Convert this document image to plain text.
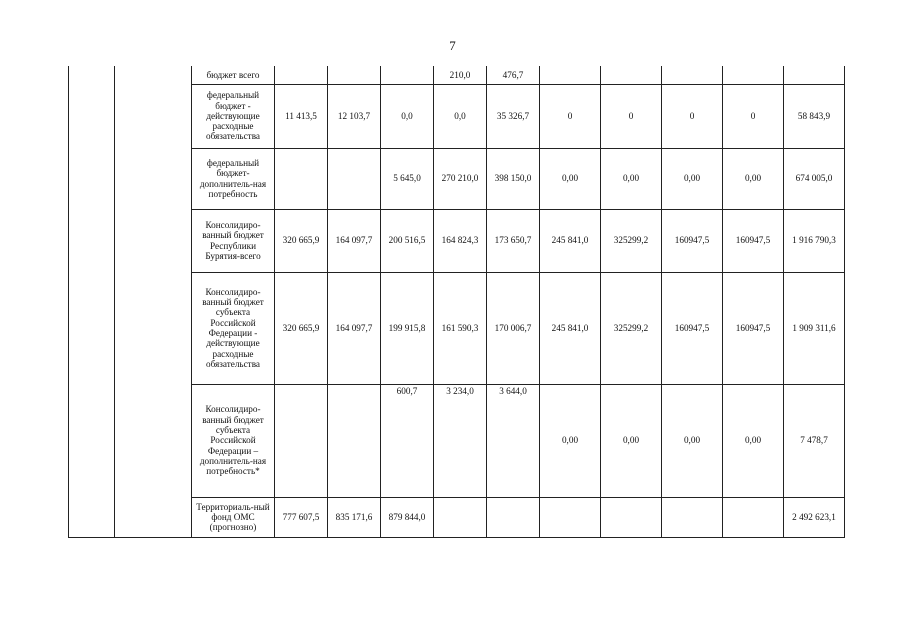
7
		бюджет всего				210,0	476,7					
		федеральный бюджет - действующие расходные обязательства	11 413,5	12 103,7	0,0	0,0	35 326,7	0	0	0	0	58 843,9
		федеральный бюджет-дополнитель-ная потребность			5 645,0	270 210,0	398 150,0	0,00	0,00	0,00	0,00	674 005,0
		Консолидиро-ванный бюджет Республики Бурятия-всего	320 665,9	164 097,7	200 516,5	164 824,3	173 650,7	245 841,0	325299,2	160947,5	160947,5	1 916 790,3
		Консолидиро-ванный бюджет субъекта Российской Федерации - действующие расходные обязательства	320 665,9	164 097,7	199 915,8	161 590,3	170 006,7	245 841,0	325299,2	160947,5	160947,5	1 909 311,6
		Консолидиро-ванный бюджет субъекта Российской Федерации – дополнитель-ная потребность*			600,7	3 234,0	3 644,0	0,00	0,00	0,00	0,00	7 478,7
		Территориаль-ный фонд ОМС (прогнозно)	777 607,5	835 171,6	879 844,0							2 492 623,1
